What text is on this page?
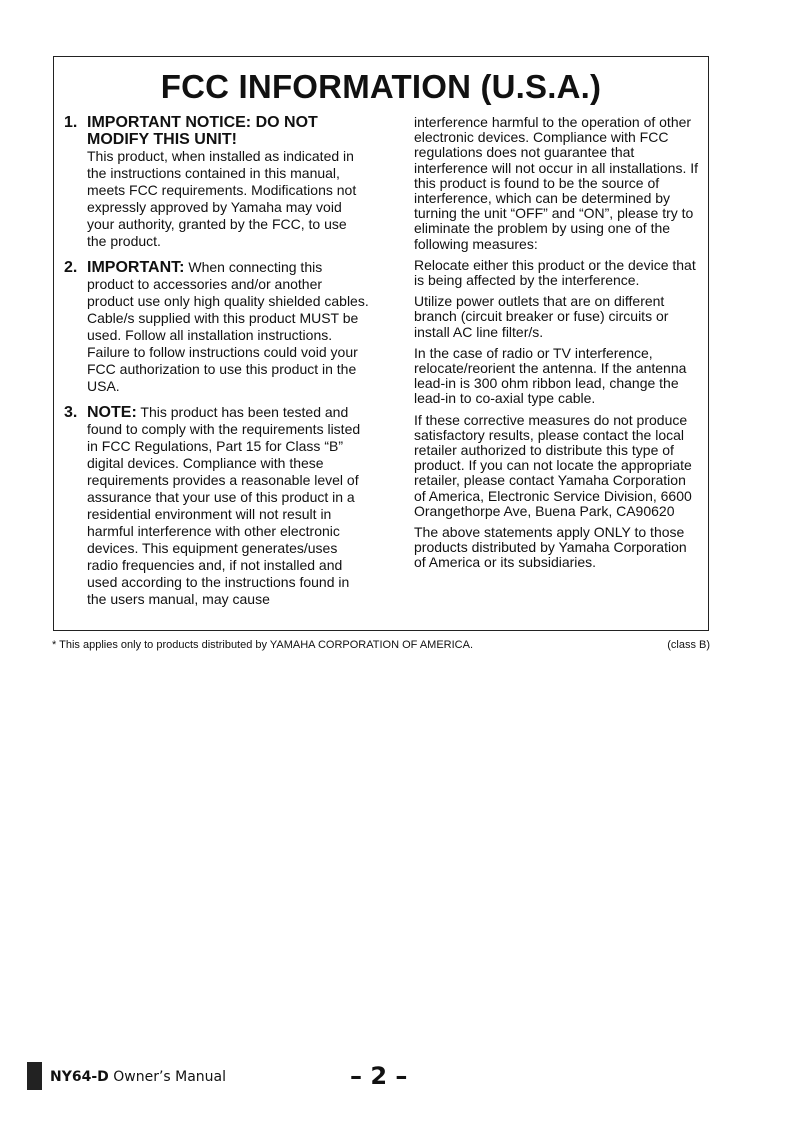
FCC INFORMATION (U.S.A.)
1. IMPORTANT NOTICE: DO NOT
MODIFY THIS UNIT!
This product, when installed as indicated in the instructions contained in this manual, meets FCC requirements. Modifications not expressly approved by Yamaha may void your authority, granted by the FCC, to use the product.
2. IMPORTANT: When connecting this product to accessories and/or another product use only high quality shielded cables. Cable/s supplied with this product MUST be used. Follow all installation instructions. Failure to follow instructions could void your FCC authorization to use this product in the USA.
3. NOTE: This product has been tested and found to comply with the requirements listed in FCC Regulations, Part 15 for Class “B” digital devices. Compliance with these requirements provides a reasonable level of assurance that your use of this product in a residential environment will not result in harmful interference with other electronic devices. This equipment generates/uses radio frequencies and, if not installed and used according to the instructions found in the users manual, may cause

interference harmful to the operation of other electronic devices. Compliance with FCC regulations does not guarantee that interference will not occur in all installations. If this product is found to be the source of interference, which can be determined by turning the unit “OFF” and “ON”, please try to eliminate the problem by using one of the following measures:

Relocate either this product or the device that is being affected by the interference.

Utilize power outlets that are on different branch (circuit breaker or fuse) circuits or install AC line filter/s.

In the case of radio or TV interference, relocate/reorient the antenna. If the antenna lead-in is 300 ohm ribbon lead, change the lead-in to co-axial type cable.

If these corrective measures do not produce satisfactory results, please contact the local retailer authorized to distribute this type of product. If you can not locate the appropriate retailer, please contact Yamaha Corporation of America, Electronic Service Division, 6600 Orangethorpe Ave, Buena Park, CA90620

The above statements apply ONLY to those products distributed by Yamaha Corporation of America or its subsidiaries.

* This applies only to products distributed by YAMAHA CORPORATION OF AMERICA.	(class B)
NY64-D Owner’s Manual	– 2 –
